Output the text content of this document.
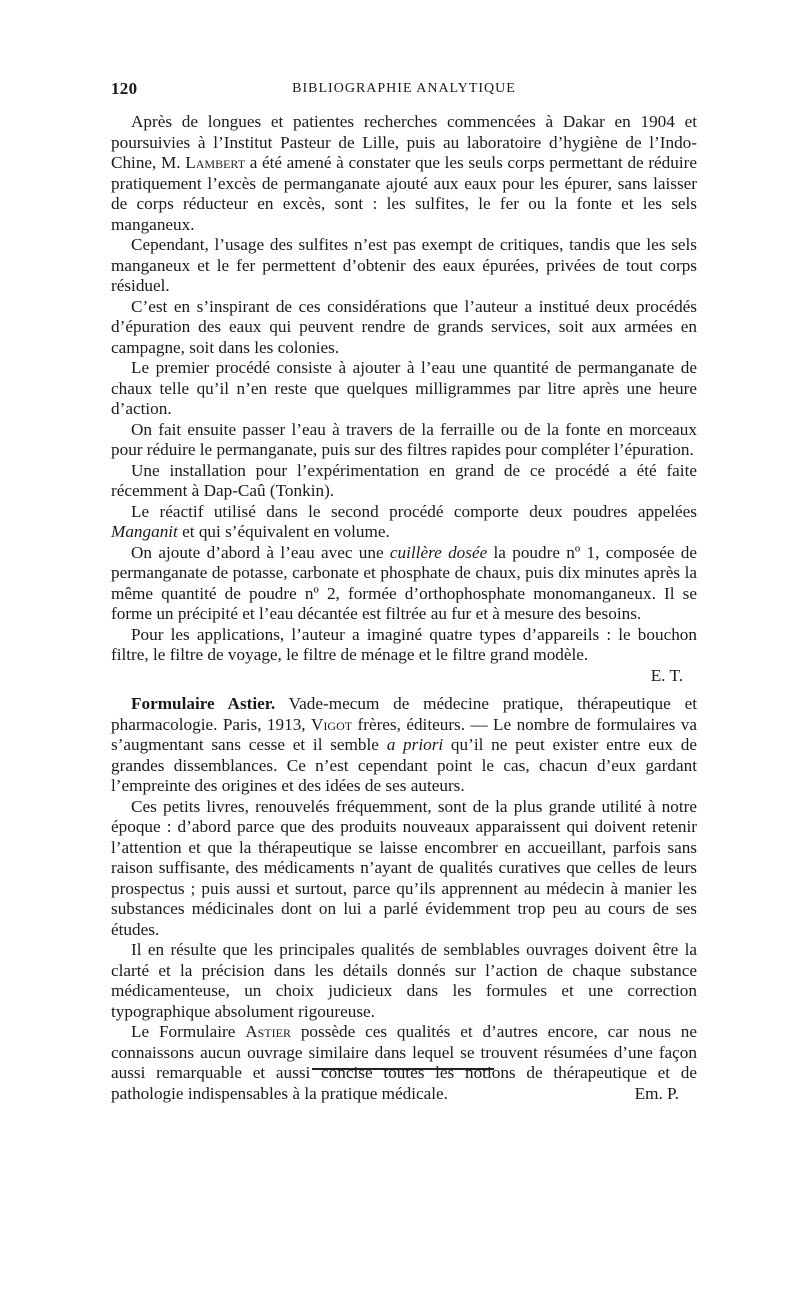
120	BIBLIOGRAPHIE ANALYTIQUE

Après de longues et patientes recherches commencées à Dakar en 1904 et poursuivies à l’Institut Pasteur de Lille, puis au laboratoire d’hygiène de l’Indo-Chine, M. Lambert a été amené à constater que les seuls corps permettant de réduire pratiquement l’excès de permanganate ajouté aux eaux pour les épurer, sans laisser de corps réducteur en excès, sont : les sulfites, le fer ou la fonte et les sels manganeux.

Cependant, l’usage des sulfites n’est pas exempt de critiques, tandis que les sels manganeux et le fer permettent d’obtenir des eaux épurées, privées de tout corps résiduel.

C’est en s’inspirant de ces considérations que l’auteur a institué deux procédés d’épuration des eaux qui peuvent rendre de grands services, soit aux armées en campagne, soit dans les colonies.

Le premier procédé consiste à ajouter à l’eau une quantité de permanganate de chaux telle qu’il n’en reste que quelques milligrammes par litre après une heure d’action.

On fait ensuite passer l’eau à travers de la ferraille ou de la fonte en morceaux pour réduire le permanganate, puis sur des filtres rapides pour compléter l’épuration.

Une installation pour l’expérimentation en grand de ce procédé a été faite récemment à Dap-Caû (Tonkin).

Le réactif utilisé dans le second procédé comporte deux poudres appelées Manganit et qui s’équivalent en volume.

On ajoute d’abord à l’eau avec une cuillère dosée la poudre nº 1, composée de permanganate de potasse, carbonate et phosphate de chaux, puis dix minutes après la même quantité de poudre nº 2, formée d’orthophosphate monomanganeux. Il se forme un précipité et l’eau décantée est filtrée au fur et à mesure des besoins.

Pour les applications, l’auteur a imaginé quatre types d’appareils : le bouchon filtre, le filtre de voyage, le filtre de ménage et le filtre grand modèle.

E. T.

Formulaire Astier. Vade-mecum de médecine pratique, thérapeutique et pharmacologie. Paris, 1913, Vigot frères, éditeurs. — Le nombre de formulaires va s’augmentant sans cesse et il semble a priori qu’il ne peut exister entre eux de grandes dissemblances. Ce n’est cependant point le cas, chacun d’eux gardant l’empreinte des origines et des idées de ses auteurs.

Ces petits livres, renouvelés fréquemment, sont de la plus grande utilité à notre époque : d’abord parce que des produits nouveaux apparaissent qui doivent retenir l’attention et que la thérapeutique se laisse encombrer en accueillant, parfois sans raison suffisante, des médicaments n’ayant de qualités curatives que celles de leurs prospectus ; puis aussi et surtout, parce qu’ils apprennent au médecin à manier les substances médicinales dont on lui a parlé évidemment trop peu au cours de ses études.

Il en résulte que les principales qualités de semblables ouvrages doivent être la clarté et la précision dans les détails donnés sur l’action de chaque substance médicamenteuse, un choix judicieux dans les formules et une correction typographique absolument rigoureuse.

Le Formulaire Astier possède ces qualités et d’autres encore, car nous ne connaissons aucun ouvrage similaire dans lequel se trouvent résumées d’une façon aussi remarquable et aussi concise toutes les notions de thérapeutique et de pathologie indispensables à la pratique médicale.	Em. P.
